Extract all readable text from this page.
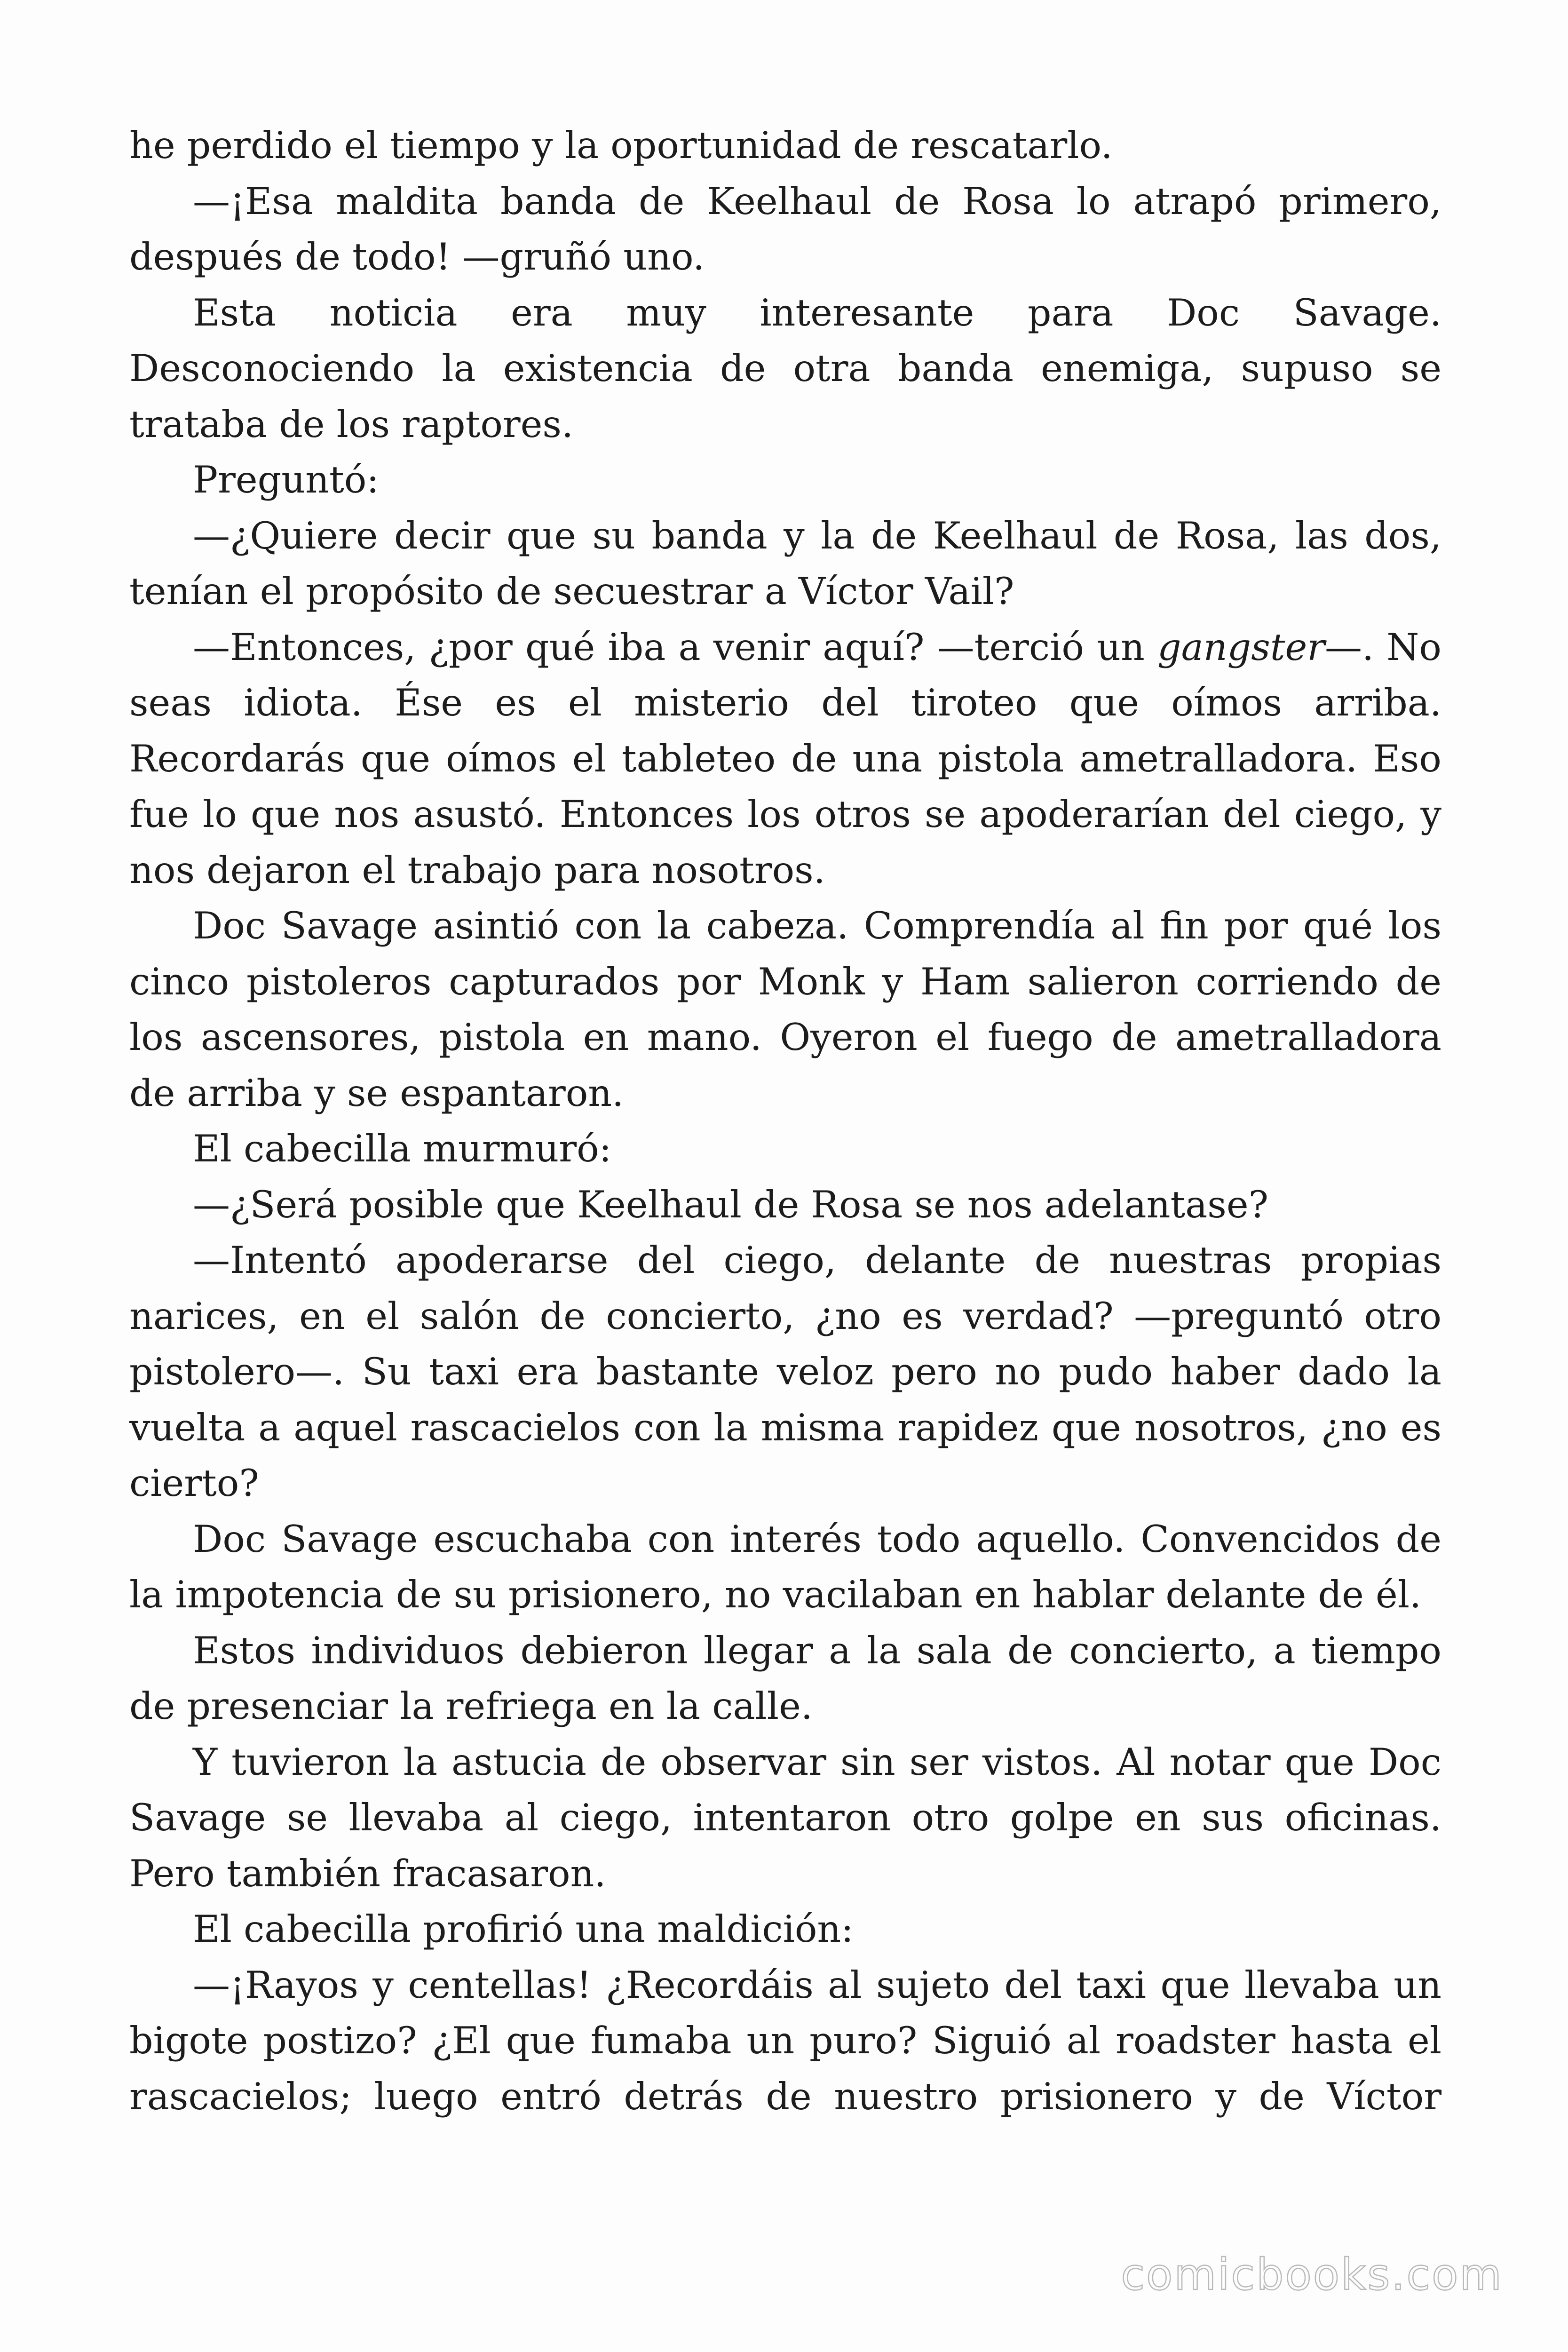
he perdido el tiempo y la oportunidad de rescatarlo.

—¡Esa maldita banda de Keelhaul de Rosa lo atrapó primero, después de todo! —gruñó uno.

Esta noticia era muy interesante para Doc Savage. Desconociendo la existencia de otra banda enemiga, supuso se trataba de los raptores.

Preguntó:

—¿Quiere decir que su banda y la de Keelhaul de Rosa, las dos, tenían el propósito de secuestrar a Víctor Vail?

—Entonces, ¿por qué iba a venir aquí? —terció un gangster—. No seas idiota. Ése es el misterio del tiroteo que oímos arriba. Recordarás que oímos el tableteo de una pistola ametralladora. Eso fue lo que nos asustó. Entonces los otros se apoderarían del ciego, y nos dejaron el trabajo para nosotros.

Doc Savage asintió con la cabeza. Comprendía al fin por qué los cinco pistoleros capturados por Monk y Ham salieron corriendo de los ascensores, pistola en mano. Oyeron el fuego de ametralladora de arriba y se espantaron.

El cabecilla murmuró:

—¿Será posible que Keelhaul de Rosa se nos adelantase?

—Intentó apoderarse del ciego, delante de nuestras propias narices, en el salón de concierto, ¿no es verdad? —preguntó otro pistolero—. Su taxi era bastante veloz pero no pudo haber dado la vuelta a aquel rascacielos con la misma rapidez que nosotros, ¿no es cierto?

Doc Savage escuchaba con interés todo aquello. Convencidos de la impotencia de su prisionero, no vacilaban en hablar delante de él.

Estos individuos debieron llegar a la sala de concierto, a tiempo de presenciar la refriega en la calle.

Y tuvieron la astucia de observar sin ser vistos. Al notar que Doc Savage se llevaba al ciego, intentaron otro golpe en sus oficinas. Pero también fracasaron.

El cabecilla profirió una maldición:

—¡Rayos y centellas! ¿Recordáis al sujeto del taxi que llevaba un bigote postizo? ¿El que fumaba un puro? Siguió al roadster hasta el rascacielos; luego entró detrás de nuestro prisionero y de Víctor

comicbooks.com
